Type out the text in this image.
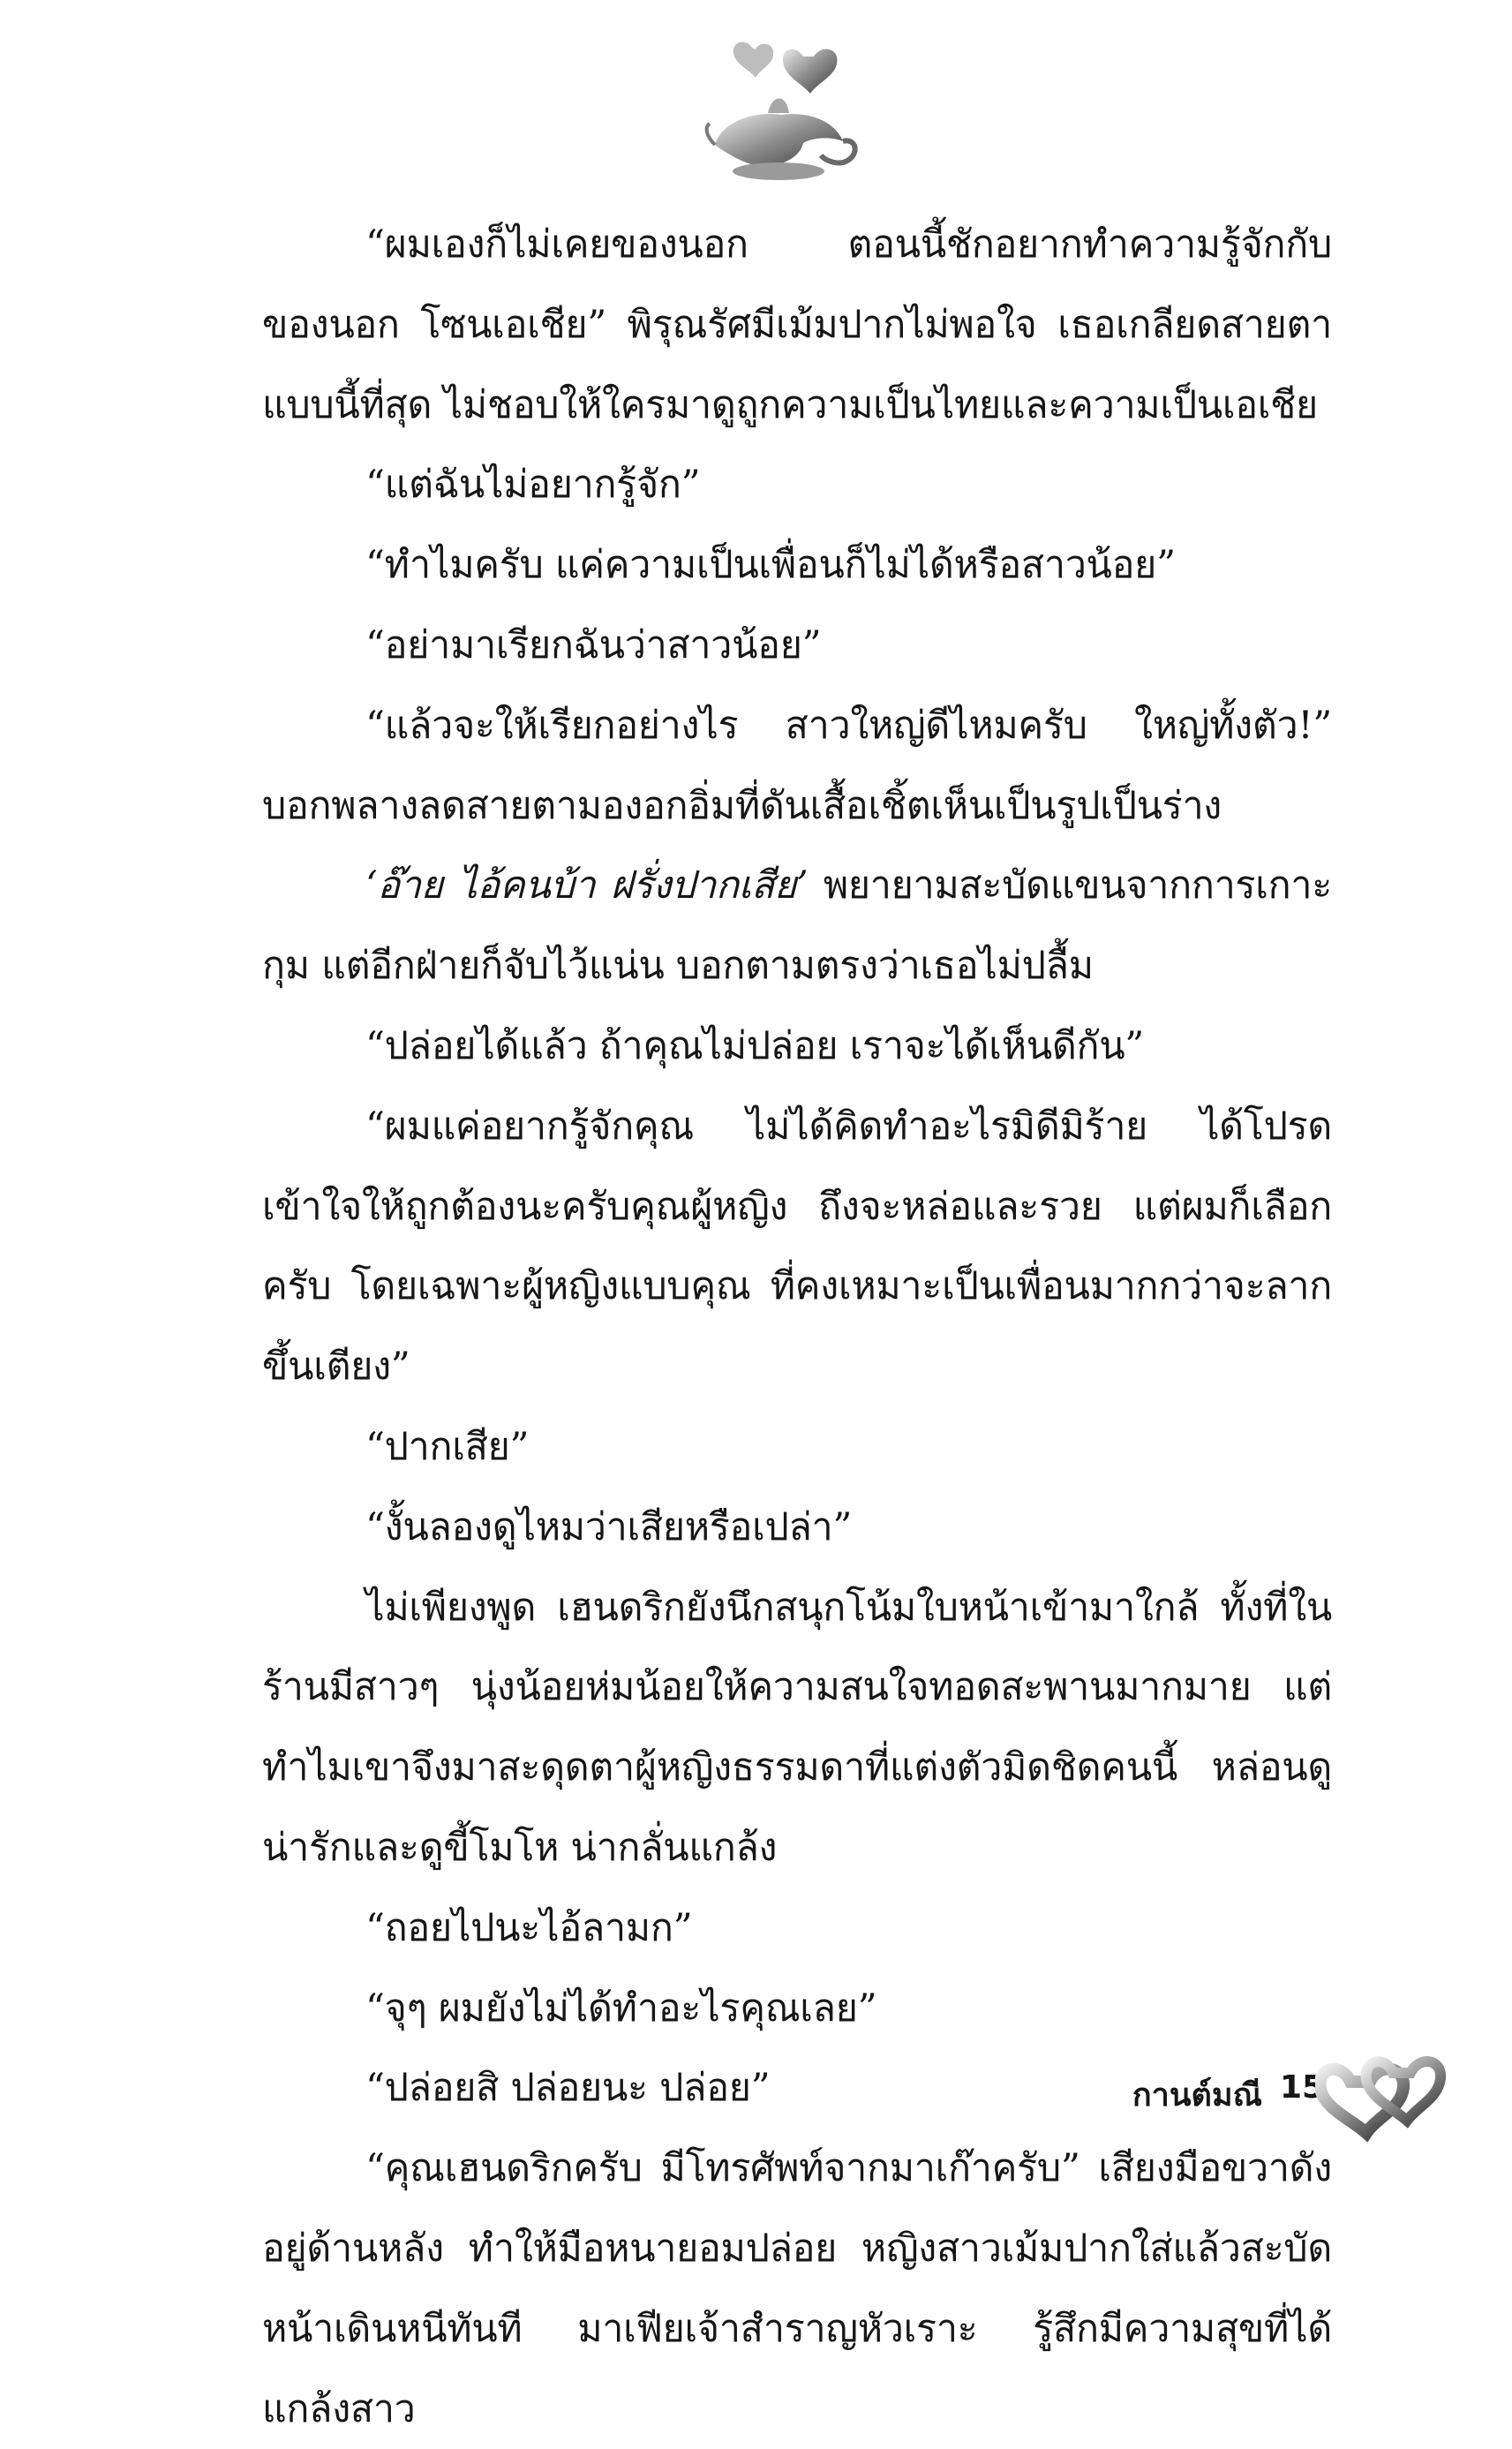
“ผมเองก็ไม่เคยของนอก ตอนนี้ชักอยากทำความรู้จักกับของนอก โซนเอเชีย” พิรุณรัศมีเม้มปากไม่พอใจ เธอเกลียดสายตาแบบนี้ที่สุด ไม่ชอบให้ใครมาดูถูกความเป็นไทยและความเป็นเอเชีย

“แต่ฉันไม่อยากรู้จัก”

“ทำไมครับ แค่ความเป็นเพื่อนก็ไม่ได้หรือสาวน้อย”

“อย่ามาเรียกฉันว่าสาวน้อย”

“แล้วจะให้เรียกอย่างไร สาวใหญ่ดีไหมครับ ใหญ่ทั้งตัว!” บอกพลางลดสายตามองอกอิ่มที่ดันเสื้อเชิ้ตเห็นเป็นรูปเป็นร่าง

‘อ๊าย ไอ้คนบ้า ฝรั่งปากเสีย’ พยายามสะบัดแขนจากการเกาะกุม แต่อีกฝ่ายก็จับไว้แน่น บอกตามตรงว่าเธอไม่ปลื้ม

“ปล่อยได้แล้ว ถ้าคุณไม่ปล่อย เราจะได้เห็นดีกัน”

“ผมแค่อยากรู้จักคุณ ไม่ได้คิดทำอะไรมิดีมิร้าย ได้โปรดเข้าใจให้ถูกต้องนะครับคุณผู้หญิง ถึงจะหล่อและรวย แต่ผมก็เลือกครับ โดยเฉพาะผู้หญิงแบบคุณ ที่คงเหมาะเป็นเพื่อนมากกว่าจะลากขึ้นเตียง”

“ปากเสีย”

“งั้นลองดูไหมว่าเสียหรือเปล่า”

ไม่เพียงพูด เฮนดริกยังนึกสนุกโน้มใบหน้าเข้ามาใกล้ ทั้งที่ในร้านมีสาวๆ นุ่งน้อยห่มน้อยให้ความสนใจทอดสะพานมากมาย แต่ทำไมเขาจึงมาสะดุดตาผู้หญิงธรรมดาที่แต่งตัวมิดชิดคนนี้ หล่อนดูน่ารักและดูขี้โมโห น่ากลั่นแกล้ง

“ถอยไปนะไอ้ลามก”

“จุๆ ผมยังไม่ได้ทำอะไรคุณเลย”

“ปล่อยสิ ปล่อยนะ ปล่อย”

“คุณเฮนดริกครับ มีโทรศัพท์จากมาเก๊าครับ” เสียงมือขวาดังอยู่ด้านหลัง ทำให้มือหนายอมปล่อย หญิงสาวเม้มปากใส่แล้วสะบัดหน้าเดินหนีทันที มาเฟียเจ้าสำราญหัวเราะ รู้สึกมีความสุขที่ได้แกล้งสาว

กานต์มณี 15
